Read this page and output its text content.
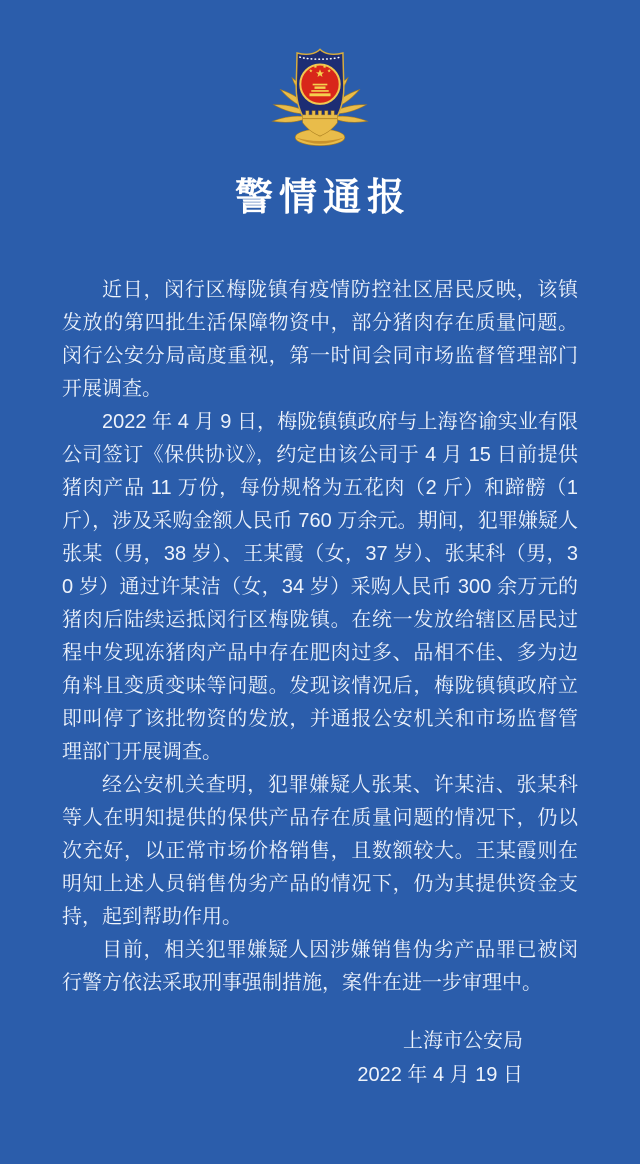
警情通报

近日，闵行区梅陇镇有疫情防控社区居民反映，该镇发放的第四批生活保障物资中，部分猪肉存在质量问题。闵行公安分局高度重视，第一时间会同市场监督管理部门开展调查。

2022 年 4 月 9 日，梅陇镇镇政府与上海咨谕实业有限公司签订《保供协议》，约定由该公司于 4 月 15 日前提供猪肉产品 11 万份，每份规格为五花肉（2 斤）和蹄髈（1 斤），涉及采购金额人民币 760 万余元。期间，犯罪嫌疑人张某（男，38 岁）、王某霞（女，37 岁）、张某科（男，30 岁）通过许某洁（女，34 岁）采购人民币 300 余万元的猪肉后陆续运抵闵行区梅陇镇。在统一发放给辖区居民过程中发现冻猪肉产品中存在肥肉过多、品相不佳、多为边角料且变质变味等问题。发现该情况后，梅陇镇镇政府立即叫停了该批物资的发放，并通报公安机关和市场监督管理部门开展调查。

经公安机关查明，犯罪嫌疑人张某、许某洁、张某科等人在明知提供的保供产品存在质量问题的情况下，仍以次充好，以正常市场价格销售，且数额较大。王某霞则在明知上述人员销售伪劣产品的情况下，仍为其提供资金支持，起到帮助作用。

目前，相关犯罪嫌疑人因涉嫌销售伪劣产品罪已被闵行警方依法采取刑事强制措施，案件在进一步审理中。

上海市公安局
2022 年 4 月 19 日
